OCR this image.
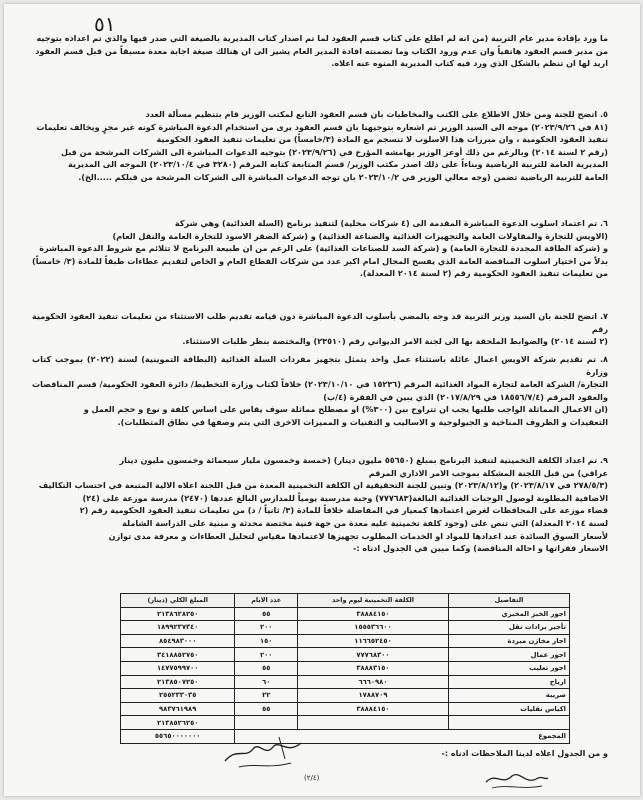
٥١

ما ورد بإفادة مدير عام التربية (من انه لم اطلع على كتاب قسم العقود لما تم اصدار كتاب المديرية بالصيغة التي صدر فيها والذي تم اعداده بتوجيه

من مدير قسم العقود هاتفياً وان عدم ورود الكتاب وما تضمنته افادة المدير العام يشير الى ان هنالك صيغة اجابة معدة مسبقاً من قبل قسم العقود

اريد لها ان تنظم بالشكل الذي ورد فيه كتاب المديرية المنوه عنه اعلاه.

٥. اتضح للجنة ومن خلال الاطلاع على الكتب والمخاطبات بان قسم العقود التابع لمكتب الوزير قام بتنظيم مسألة العدد

(٨١ في ٢٠٢٣/٩/٢٦) موجه الى السيد الوزير تم اشعاره بتوجيهنا بان قسم العقود يرى من استخدام الدعوة المباشرة كونه غير مجزٍ ويخالف تعليمات

تنفيذ العقود الحكومية ، وان مبررات هذا الاسلوب لا تنسجم مع المادة (٣/خامساً) من تعليمات تنفيذ العقود الحكومية

(رقم ٢ لسنة ٢٠١٤) وبالرغم من ذلك أوعز الوزير بهامشه المؤرخ في (٢٠٢٣/٩/٢٦) بتوجيه الدعوات المباشرة الى الشركات المرشحة من قبل

المديرية العامة للتربية الرياضية وبناءاً على ذلك اصدر مكتب الوزير/ قسم المتابعة كتابه المرقم (٣٢٨٠ في ٢٠٢٣/١٠/٤) الموجه الى المديرية

العامة للتربية الرياضية تضمن (وجه معالي الوزير في ٢٠٢٣/١٠/٢ بان توجه الدعوات المباشرة الى الشركات المرشحة من قبلكم .....الخ).

٦. تم اعتماد اسلوب الدعوة المباشرة المقدمة الى (٤ شركات محلية) لتنفيذ برنامج (السلة الغذائية) وهي شركة

(الاويس للتجارة والمقاولات العامة والتجهيزات الغذائية والصناعة الغذائية) و (شركة الصقر الاسود للتجارة العامة والنقل العام)

و (شركة الطاقة المجددة للتجارة العامة) و (شركة السد للصناعات الغذائية) على الرغم من ان طبيعة البرنامج لا تتلائم مع شروط الدعوة المباشرة

بدلاً من اختيار اسلوب المناقصة العامة الذي يفسح المجال امام اكبر عدد من شركات القطاع العام و الخاص لتقديم عطاءات طبقاً للمادة (٣/ خامساً)

من تعليمات تنفيذ العقود الحكومية رقم (٢ لسنة ٢٠١٤ المعدلة).

٧. اتضح للجنة بان السيد وزير التربية قد وجه بالمضي بأسلوب الدعوة المباشرة دون قيامه تقديم طلب الاستثناء من تعليمات تنفيذ العقود الحكومية رقم

(٢ لسنة ٢٠١٤) والضوابط الملحقة بها الى لجنة الامر الديواني رقم (٢٣٥١٠) والمختصة بنظر طلبات الاستثناء.

٨. تم تقديم شركة الاويس اعمال عائلة باستثناء عمل واحد يتمثل بتجهيز مفردات السلة الغذائية (البطاقة التموينية) لسنة (٢٠٢٢) بموجب كتاب وزارة

التجارة/ الشركة العامة لتجارة المواد الغذائية المرقم (١٥٢٣٦ في ٢٠٢٣/١٠/١٠) خلافاً لكتاب وزارة التخطيط/ دائرة العقود الحكومية/ قسم المناقصات

والعقود المرقم (١٨٥٥٦/٧/٤ في ٢٠١٧/٨/٢٩) الذي يبين في الفقرة (٤/ب)

(ان الاعمال المماثلة الواجب طلبها يجب ان تتراوح بين (٣٠٠%) او مصطلح مماثلة سوف يقاس على اساس كلفة و نوع و حجم العمل و

التعقيدات و الظروف المناخية و الجيولوجية و الاساليب و التقنيات و المميزات الاخرى التي يتم وصفها في نطاق المتطلبات).

٩. تم اعداد الكلفة التخمينية لتنفيذ البرنامج بمبلغ (٥٥٦٥٠ مليون دينار) (خمسة وخمسون مليار سبعمائة وخمسون مليون دينار

عراقي) من قبل اللجنة المشكلة بموجب الامر الاداري المرقم

(٢٧٨/٥/٣ في ٢٠٢٣/٨/١٧) و(٢٠٢٣/٨/١٢) وتبين للجنة التحقيقية ان الكلفة التخمينية المعدة من قبل اللجنة اعلاه الالية المتبعة في احتساب التكاليف

الاضافية المطلوبة لوصول الوجبات الغذائية البالغة(٧٧٧٦٨٣) وجبة مدرسية يومياً للمدارس البالغ عددها (٢٤٧٠) مدرسة موزعة على (٢٤)

قضاء موزعة على المحافظات لغرض اعتمادها كمعيار في المفاضلة خلافاً للمادة (٣/ ثانياً / د) من تعليمات تنفيذ العقود الحكومية رقم (٢

لسنة ٢٠١٤ المعدلة) التي تنص على (وجود كلفة تخمينية عليه معدة من جهة فنية مختصة محدثة و مبنية على الدراسة الشاملة

لأسعار السوق السائدة عند اعدادها للمواد او الخدمات المطلوب تجهيزها لاعتمادها مقياس لتحليل العطاءات و معرفة مدى توازن

الاسعار فقراتها و احالة المناقصة) وكما مبين في الجدول ادناه :-

التفاصيل	الكلفة التخمينية ليوم واحد	عدد الايام	المبلغ الكلي (دينار)
اجور الخبز المخبري	٣٨٨٨٤١٥٠	٥٥	٢١٣٨٦٢٨٢٥٠
تأجير برادات نقل	١٥٥٥٣٦٦٠٠	٢٠٠	١٨٩٩٢٣٧٣٤٠
اجار مخازن مبردة	١١٦٦٥٢٤٥٠	١٥٠	٨٥٤٩٨٣٠٠٠
اجور عمال	٧٧٧٦٨٣٠٠	٢٠٠	٣٤١٨٨٥٢٧٥٠
اجور تعليب	٣٨٨٨٣١٥٠	٥٥	١٤٧٧٥٩٩٧٠٠
ارباح	٦٦٦٠٩٨٠	٦٠	٢١٣٨٥٠٧٢٥٠
صريبة	١٧٨٨٧٠٩	٢٢	٢٥٥٢٣٣٠٣٥
اكياس نقليات	٣٨٨٨٤١٥٠	٥٥	٩٨٣٧٦١٩٨٩
			٢١٣٨٥٢٦٢٥٠
المجموع			٥٥٦٥٠٠٠٠٠٠٠
و من الجدول اعلاه لدينا الملاحظات ادناه :-
(٢/٤)
